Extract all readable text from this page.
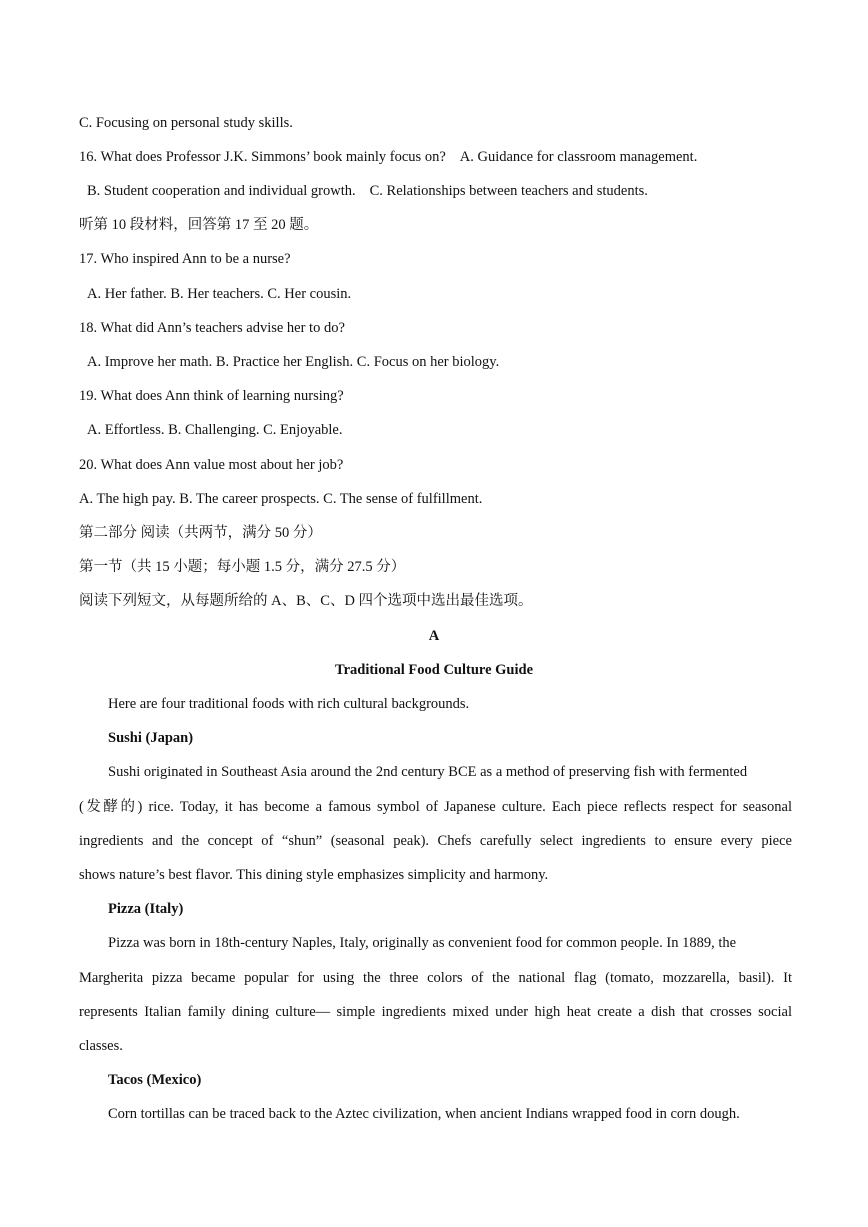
C. Focusing on personal study skills.
16. What does Professor J.K. Simmons’ book mainly focus on? A. Guidance for classroom management.
B. Student cooperation and individual growth. C. Relationships between teachers and students.
听第 10 段材料，回答第 17 至 20 题。
17. Who inspired Ann to be a nurse?
A. Her father. B. Her teachers. C. Her cousin.
18. What did Ann’s teachers advise her to do?
A. Improve her math. B. Practice her English. C. Focus on her biology.
19. What does Ann think of learning nursing?
A. Effortless. B. Challenging. C. Enjoyable.
20. What does Ann value most about her job?
A. The high pay. B. The career prospects. C. The sense of fulfillment.
第二部分 阅读（共两节，满分 50 分）
第一节（共 15 小题；每小题 1.5 分，满分 27.5 分）
阅读下列短文，从每题所给的 A、B、C、D 四个选项中选出最佳选项。
A
Traditional Food Culture Guide
Here are four traditional foods with rich cultural backgrounds.
Sushi (Japan)
Sushi originated in Southeast Asia around the 2nd century BCE as a method of preserving fish with fermented
(发酵的) rice. Today, it has become a famous symbol of Japanese culture. Each piece reflects respect for seasonal
ingredients and the concept of “shun” (seasonal peak). Chefs carefully select ingredients to ensure every piece
shows nature’s best flavor. This dining style emphasizes simplicity and harmony.
Pizza (Italy)
Pizza was born in 18th-century Naples, Italy, originally as convenient food for common people. In 1889, the
Margherita pizza became popular for using the three colors of the national flag (tomato, mozzarella, basil). It
represents Italian family dining culture— simple ingredients mixed under high heat create a dish that crosses social
classes.
Tacos (Mexico)
Corn tortillas can be traced back to the Aztec civilization, when ancient Indians wrapped food in corn dough.
